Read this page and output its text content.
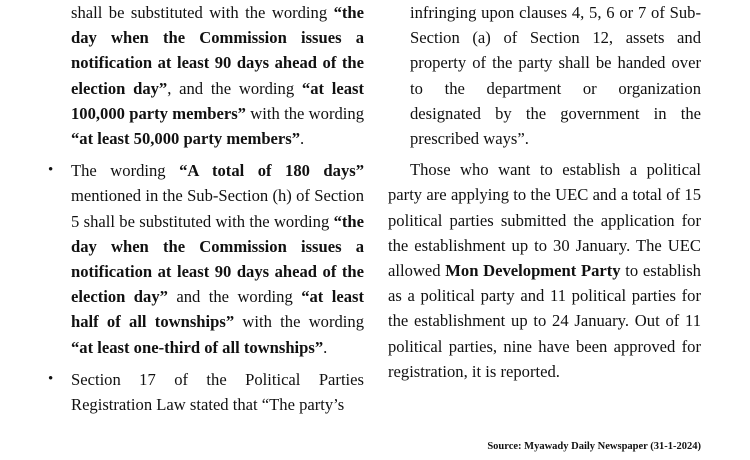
shall be substituted with the wording “the day when the Commission issues a notification at least 90 days ahead of the election day”, and the wording “at least 100,000 party members” with the wording “at least 50,000 party members”.
• The wording “A total of 180 days” mentioned in the Sub-Section (h) of Section 5 shall be substituted with the wording “the day when the Commission issues a notification at least 90 days ahead of the election day” and the wording “at least half of all townships” with the wording “at least one-third of all townships”.
• Section 17 of the Political Parties Registration Law stated that “The party’s
infringing upon clauses 4, 5, 6 or 7 of Sub-Section (a) of Section 12, assets and property of the party shall be handed over to the department or organization designated by the government in the prescribed ways”.
Those who want to establish a political party are applying to the UEC and a total of 15 political parties submitted the application for the establishment up to 30 January. The UEC allowed Mon Development Party to establish as a political party and 11 political parties for the establishment up to 24 January. Out of 11 political parties, nine have been approved for registration, it is reported.
Source: Myawady Daily Newspaper (31-1-2024)
